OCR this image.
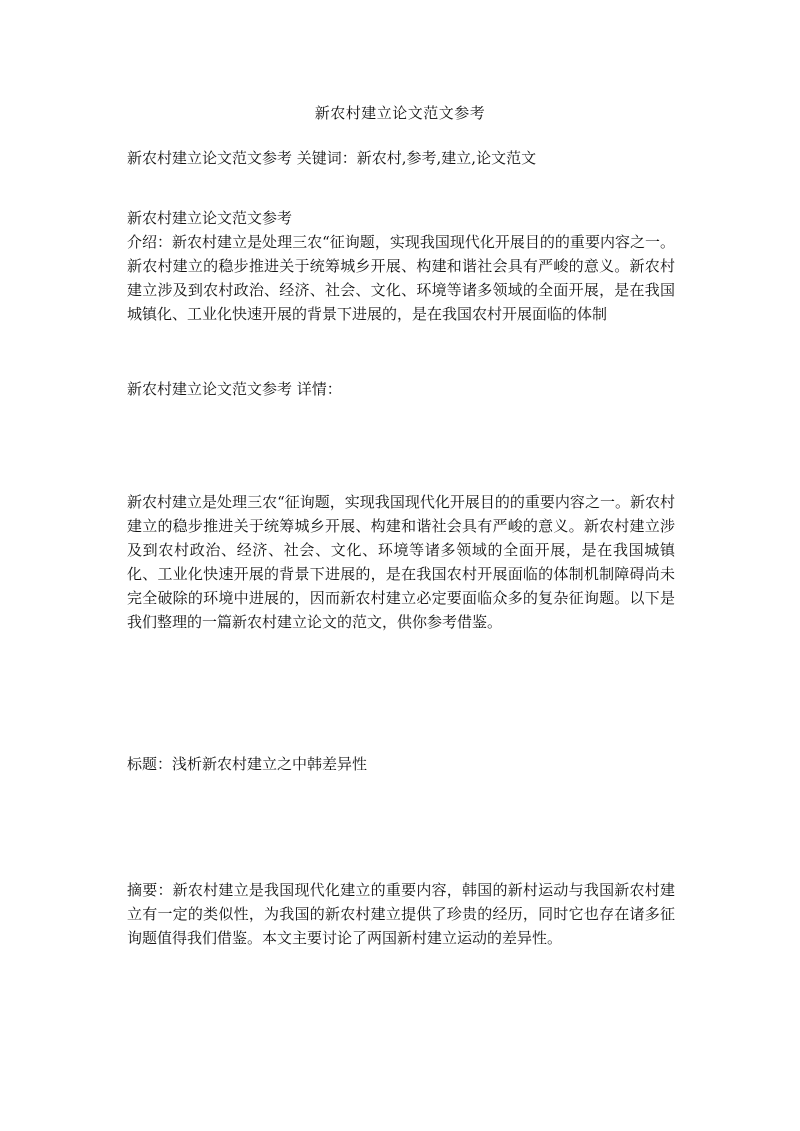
新农村建立论文范文参考

新农村建立论文范文参考 关键词：新农村,参考,建立,论文范文

新农村建立论文范文参考

介绍：新农村建立是处理三农“征询题，实现我国现代化开展目的的重要内容之一。新农村建立的稳步推进关于统筹城乡开展、构建和谐社会具有严峻的意义。新农村建立涉及到农村政治、经济、社会、文化、环境等诸多领域的全面开展，是在我国城镇化、工业化快速开展的背景下进展的，是在我国农村开展面临的体制

新农村建立论文范文参考 详情：

新农村建立是处理三农“征询题，实现我国现代化开展目的的重要内容之一。新农村建立的稳步推进关于统筹城乡开展、构建和谐社会具有严峻的意义。新农村建立涉及到农村政治、经济、社会、文化、环境等诸多领域的全面开展，是在我国城镇化、工业化快速开展的背景下进展的，是在我国农村开展面临的体制机制障碍尚未完全破除的环境中进展的，因而新农村建立必定要面临众多的复杂征询题。以下是我们整理的一篇新农村建立论文的范文，供你参考借鉴。

标题：浅析新农村建立之中韩差异性

摘要：新农村建立是我国现代化建立的重要内容，韩国的新村运动与我国新农村建立有一定的类似性，为我国的新农村建立提供了珍贵的经历，同时它也存在诸多征询题值得我们借鉴。本文主要讨论了两国新村建立运动的差异性。
